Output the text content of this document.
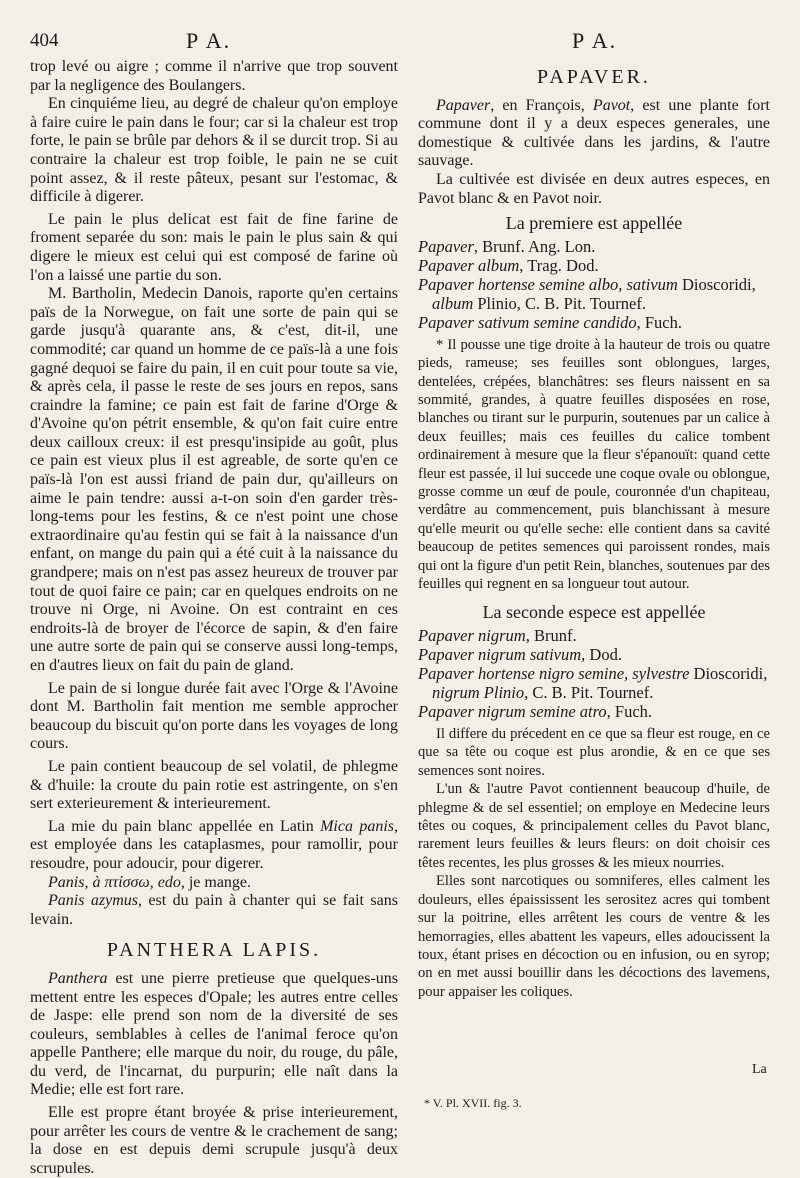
404	P A.	P A.

trop levé ou aigre ; comme il n'arrive que trop souvent par la negligence des Boulangers.

En cinquiéme lieu, au degré de chaleur qu'on employe à faire cuire le pain dans le four; car si la chaleur est trop forte, le pain se brûle par dehors & il se durcit trop. Si au contraire la chaleur est trop foible, le pain ne se cuit point assez, & il reste pâteux, pesant sur l'estomac, & difficile à digerer.

Le pain le plus delicat est fait de fine farine de froment separée du son: mais le pain le plus sain & qui digere le mieux est celui qui est composé de farine où l'on a laissé une partie du son.

M. Bartholin, Medecin Danois, raporte qu'en certains païs de la Norwegue, on fait une sorte de pain qui se garde jusqu'à quarante ans, & c'est, dit-il, une commodité; car quand un homme de ce païs-là a une fois gagné dequoi se faire du pain, il en cuit pour toute sa vie, & après cela, il passe le reste de ses jours en repos, sans craindre la famine; ce pain est fait de farine d'Orge & d'Avoine qu'on pétrit ensemble, & qu'on fait cuire entre deux cailloux creux: il est presqu'insipide au goût, plus ce pain est vieux plus il est agreable, de sorte qu'en ce païs-là l'on est aussi friand de pain dur, qu'ailleurs on aime le pain tendre: aussi a-t-on soin d'en garder très-long-tems pour les festins, & ce n'est point une chose extraordinaire qu'au festin qui se fait à la naissance d'un enfant, on mange du pain qui a été cuit à la naissance du grandpere; mais on n'est pas assez heureux de trouver par tout de quoi faire ce pain; car en quelques endroits on ne trouve ni Orge, ni Avoine. On est contraint en ces endroits-là de broyer de l'écorce de sapin, & d'en faire une autre sorte de pain qui se conserve aussi long-temps, en d'autres lieux on fait du pain de gland.

Le pain de si longue durée fait avec l'Orge & l'Avoine dont M. Bartholin fait mention me semble approcher beaucoup du biscuit qu'on porte dans les voyages de long cours.

Le pain contient beaucoup de sel volatil, de phlegme & d'huile: la croute du pain rotie est astringente, on s'en sert exterieurement & interieurement.

La mie du pain blanc appellée en Latin Mica panis, est employée dans les cataplasmes, pour ramollir, pour resoudre, pour adoucir, pour digerer.

Panis, à πτίσσω, edo, je mange.

Panis azymus, est du pain à chanter qui se fait sans levain.

PANTHERA LAPIS.

Panthera est une pierre pretieuse que quelques-uns mettent entre les especes d'Opale; les autres entre celles de Jaspe: elle prend son nom de la diversité de ses couleurs, semblables à celles de l'animal feroce qu'on appelle Panthere; elle marque du noir, du rouge, du pâle, du verd, de l'incarnat, du purpurin; elle naît dans la Medie; elle est fort rare.

Elle est propre étant broyée & prise interieurement, pour arrêter les cours de ventre & le crachement de sang; la dose en est depuis demi scrupule jusqu'à deux scrupules.

PAPAVER.

Papaver, en François, Pavot, est une plante fort commune dont il y a deux especes generales, une domestique & cultivée dans les jardins, & l'autre sauvage.

La cultivée est divisée en deux autres especes, en Pavot blanc & en Pavot noir.

La premiere est appellée

Papaver, Brunf. Ang. Lon.

Papaver album, Trag. Dod.

Papaver hortense semine albo, sativum Dioscoridi, album Plinio, C. B. Pit. Tournef.

Papaver sativum semine candido, Fuch.

* Il pousse une tige droite à la hauteur de trois ou quatre pieds, rameuse; ses feuilles sont oblongues, larges, dentelées, crépées, blanchâtres: ses fleurs naissent en sa sommité, grandes, à quatre feuilles disposées en rose, blanches ou tirant sur le purpurin, soutenues par un calice à deux feuilles; mais ces feuilles du calice tombent ordinairement à mesure que la fleur s'épanouït: quand cette fleur est passée, il lui succede une coque ovale ou oblongue, grosse comme un œuf de poule, couronnée d'un chapiteau, verdâtre au commencement, puis blanchissant à mesure qu'elle meurit ou qu'elle seche: elle contient dans sa cavité beaucoup de petites semences qui paroissent rondes, mais qui ont la figure d'un petit Rein, blanches, soutenues par des feuilles qui regnent en sa longueur tout autour.

La seconde espece est appellée

Papaver nigrum, Brunf.

Papaver nigrum sativum, Dod.

Papaver hortense nigro semine, sylvestre Dioscoridi, nigrum Plinio, C. B. Pit. Tournef.

Papaver nigrum semine atro, Fuch.

Il differe du précedent en ce que sa fleur est rouge, en ce que sa tête ou coque est plus arondie, & en ce que ses semences sont noires.

L'un & l'autre Pavot contiennent beaucoup d'huile, de phlegme & de sel essentiel; on employe en Medecine leurs têtes ou coques, & principalement celles du Pavot blanc, rarement leurs feuilles & leurs fleurs: on doit choisir ces têtes recentes, les plus grosses & les mieux nourries.

Elles sont narcotiques ou somniferes, elles calment les douleurs, elles épaississent les serositez acres qui tombent sur la poitrine, elles arrêtent les cours de ventre & les hemorragies, elles abattent les vapeurs, elles adoucissent la toux, étant prises en décoction ou en infusion, ou en syrop; on en met aussi bouillir dans les décoctions des lavemens, pour appaiser les coliques.

La
* V. Pl. XVII. fig. 3.
